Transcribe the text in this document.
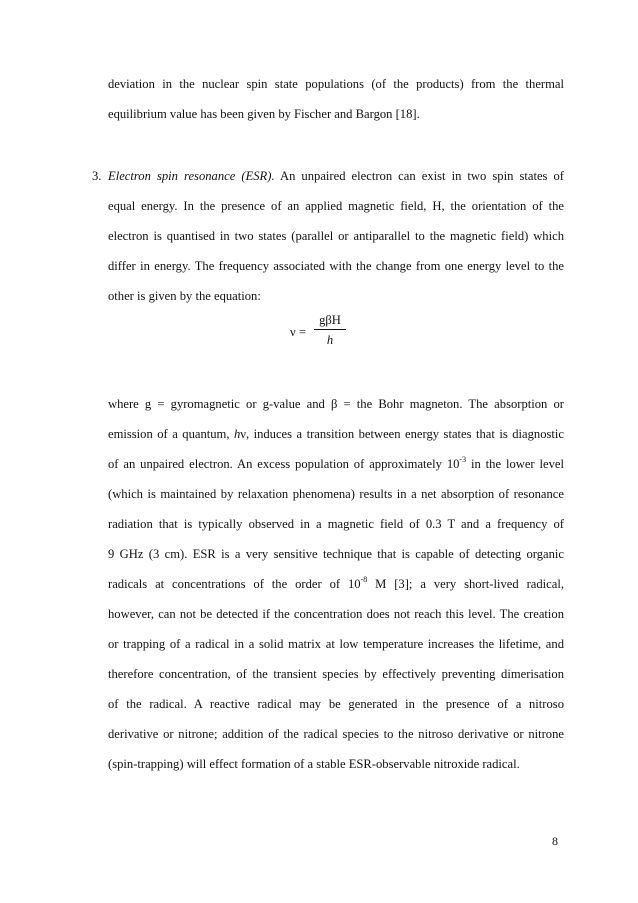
deviation in the nuclear spin state populations (of the products) from the thermal
equilibrium value has been given by Fischer and Bargon [18].
3. Electron spin resonance (ESR). An unpaired electron can exist in two spin states of
equal energy. In the presence of an applied magnetic field, H, the orientation of the
electron is quantised in two states (parallel or antiparallel to the magnetic field) which
differ in energy. The frequency associated with the change from one energy level to the
other is given by the equation:
ν =
gβH
h
where g = gyromagnetic or g-value and β = the Bohr magneton. The absorption or
emission of a quantum, hν, induces a transition between energy states that is diagnostic
of an unpaired electron. An excess population of approximately $10^{-3}$ in the lower level
(which is maintained by relaxation phenomena) results in a net absorption of resonance
radiation that is typically observed in a magnetic field of 0.3 T and a frequency of
9 GHz (3 cm). ESR is a very sensitive technique that is capable of detecting organic
radicals at concentrations of the order of $10^{-8}$ M [3]; a very short-lived radical,
however, can not be detected if the concentration does not reach this level. The creation
or trapping of a radical in a solid matrix at low temperature increases the lifetime, and
therefore concentration, of the transient species by effectively preventing dimerisation
of the radical. A reactive radical may be generated in the presence of a nitroso
derivative or nitrone; addition of the radical species to the nitroso derivative or nitrone
(spin-trapping) will effect formation of a stable ESR-observable nitroxide radical.
8
